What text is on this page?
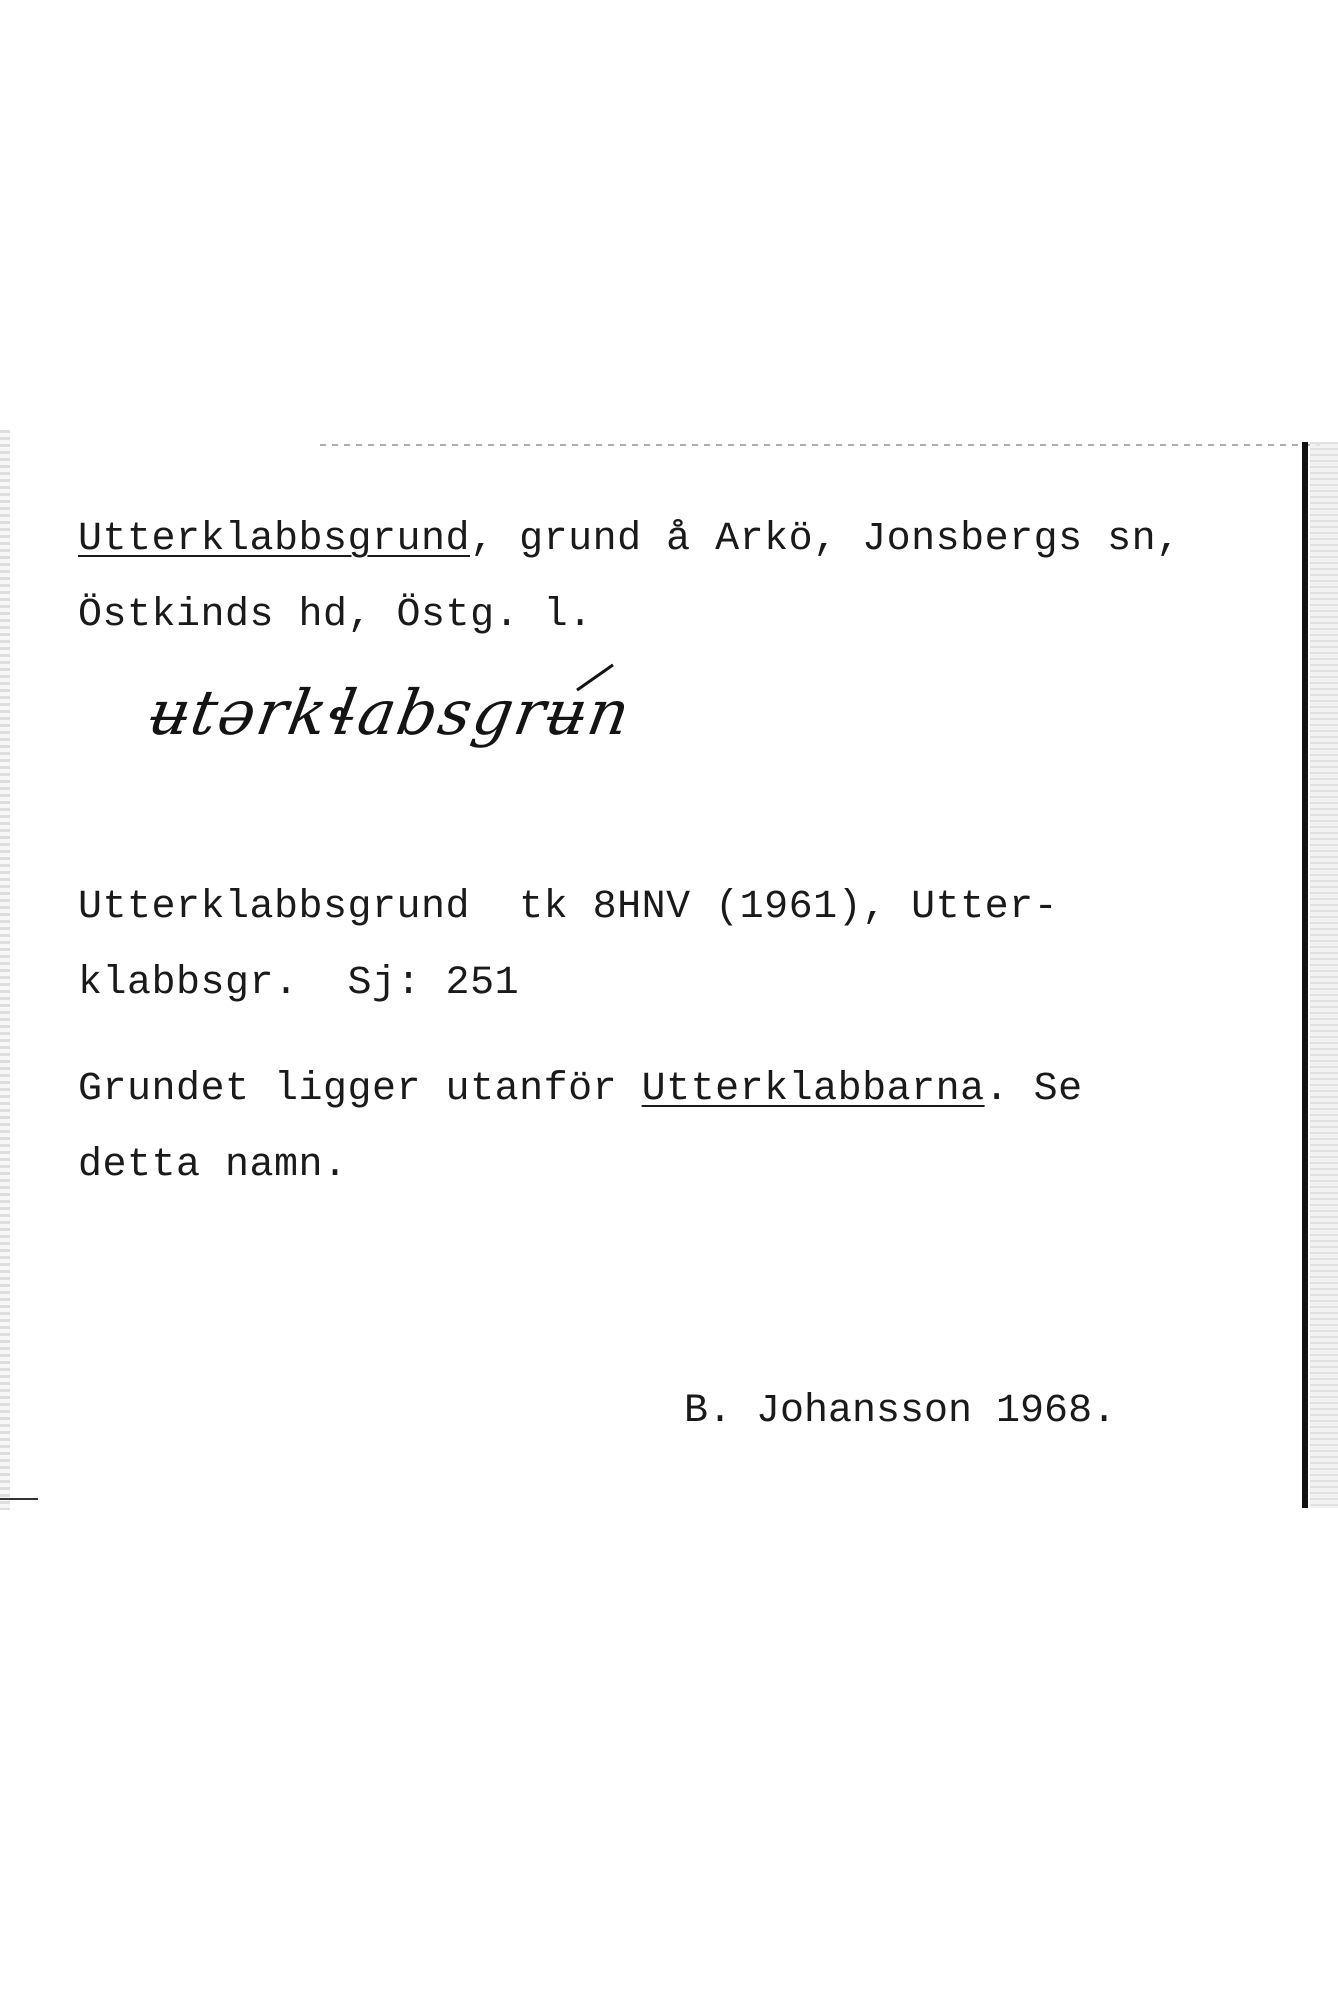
Utterklabbsgrund, grund å Arkö, Jonsbergs sn,
Östkinds hd, Östg. l.
ʉtərkɬabsgrʉn
Utterklabbsgrund  tk 8HNV (1961), Utter-
klabbsgr.  Sj: 251
Grundet ligger utanför Utterklabbarna. Se
detta namn.
B. Johansson 1968.
